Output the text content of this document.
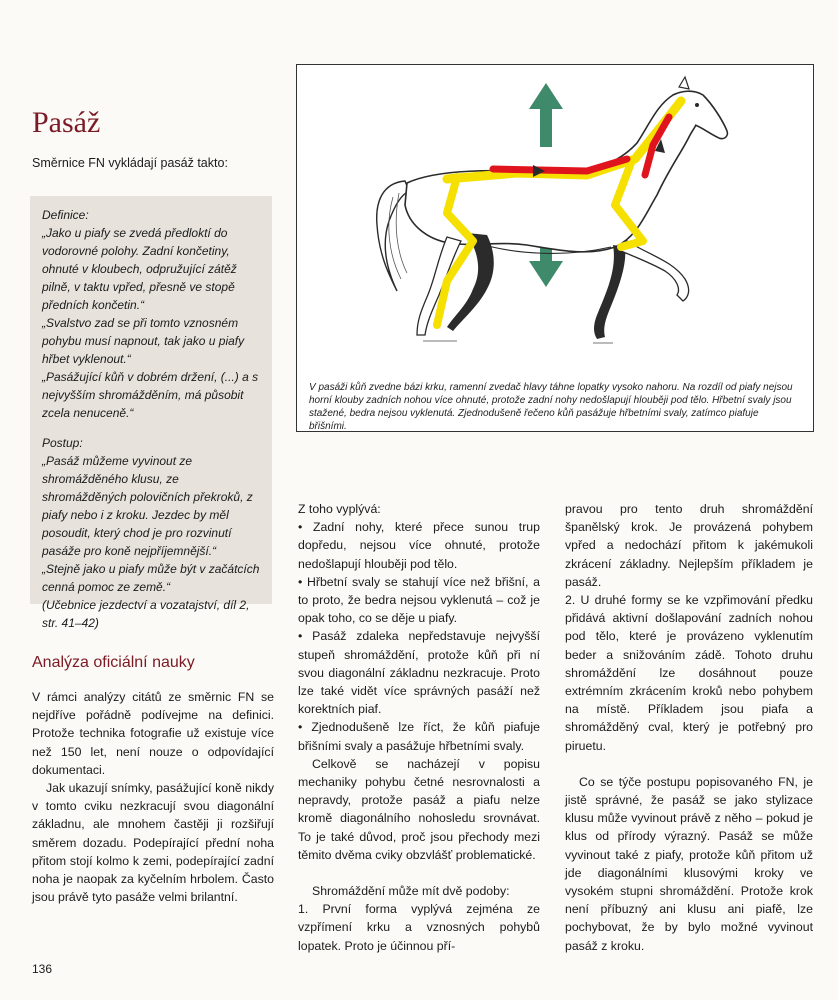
Pasáž

Směrnice FN vykládají pasáž takto:

Definice:

„Jako u piafy se zvedá předloktí do vodorovné polohy. Zadní končetiny, ohnuté v kloubech, odpružující zátěž pilně, v taktu vpřed, přesně ve stopě předních končetin.“

„Svalstvo zad se při tomto vznosném pohybu musí napnout, tak jako u piafy hřbet vyklenout.“

„Pasážující kůň v dobrém držení, (...) a s nejvyšším shromážděním, má působit zcela nenuceně.“

Postup:

„Pasáž můžeme vyvinout ze shromážděného klusu, ze shromážděných polovičních překroků, z piafy nebo i z kroku. Jezdec by měl posoudit, který chod je pro rozvinutí pasáže pro koně nejpříjemnější.“

„Stejně jako u piafy může být v začátcích cenná pomoc ze země.“

(Učebnice jezdectví a vozatajství, díl 2, str. 41–42)

Analýza oficiální nauky

V rámci analýzy citátů ze směrnic FN se nejdříve pořádně podívejme na definici. Protože technika fotografie už existuje více než 150 let, není nouze o odpovídající dokumentaci.

Jak ukazují snímky, pasážující koně nikdy v tomto cviku nezkracují svou diagonální základnu, ale mnohem častěji ji rozšiřují směrem dozadu. Podepírající přední noha přitom stojí kolmo k zemi, podepírající zadní noha je naopak za kyčelním hrbolem. Často jsou právě tyto pasáže velmi brilantní.

V pasáži kůň zvedne bázi krku, ramenní zvedač hlavy táhne lopatky vysoko nahoru. Na rozdíl od piafy nejsou horní klouby zadních nohou více ohnuté, protože zadní nohy nedošlapují hlouběji pod tělo. Hřbetní svaly jsou stažené, bedra nejsou vyklenutá. Zjednodušeně řečeno kůň pasážuje hřbetními svaly, zatímco piafuje břišními.

Z toho vyplývá:

• Zadní nohy, které přece sunou trup dopředu, nejsou více ohnuté, protože nedošlapují hlouběji pod tělo.

• Hřbetní svaly se stahují více než břišní, a to proto, že bedra nejsou vyklenutá – což je opak toho, co se děje u piafy.

• Pasáž zdaleka nepředstavuje nejvyšší stupeň shromáždění, protože kůň při ní svou diagonální základnu nezkracuje. Proto lze také vidět více správných pasáží než korektních piaf.

• Zjednodušeně lze říct, že kůň piafuje břišními svaly a pasážuje hřbetními svaly.

Celkově se nacházejí v popisu mechaniky pohybu četné nesrovnalosti a nepravdy, protože pasáž a piafu nelze kromě diagonálního nohosledu srovnávat. To je také důvod, proč jsou přechody mezi těmito dvěma cviky obzvlášť problematické.

Shromáždění může mít dvě podoby:

1. První forma vyplývá zejména ze vzpřímení krku a vznosných pohybů lopatek. Proto je účinnou pří-

pravou pro tento druh shromáždění španělský krok. Je provázená pohybem vpřed a nedochází přitom k jakémukoli zkrácení základny. Nejlepším příkladem je pasáž.

2. U druhé formy se ke vzpřimování předku přidává aktivní došlapování zadních nohou pod tělo, které je provázeno vyklenutím beder a snižováním zádě. Tohoto druhu shromáždění lze dosáhnout pouze extrémním zkrácením kroků nebo pohybem na místě. Příkladem jsou piafa a shromážděný cval, který je potřebný pro piruetu.

Co se týče postupu popisovaného FN, je jistě správné, že pasáž se jako stylizace klusu může vyvinout právě z něho – pokud je klus od přírody výrazný. Pasáž se může vyvinout také z piafy, protože kůň přitom už jde diagonálními klusovými kroky ve vysokém stupni shromáždění. Protože krok není příbuzný ani klusu ani piafě, lze pochybovat, že by bylo možné vyvinout pasáž z kroku.

136
